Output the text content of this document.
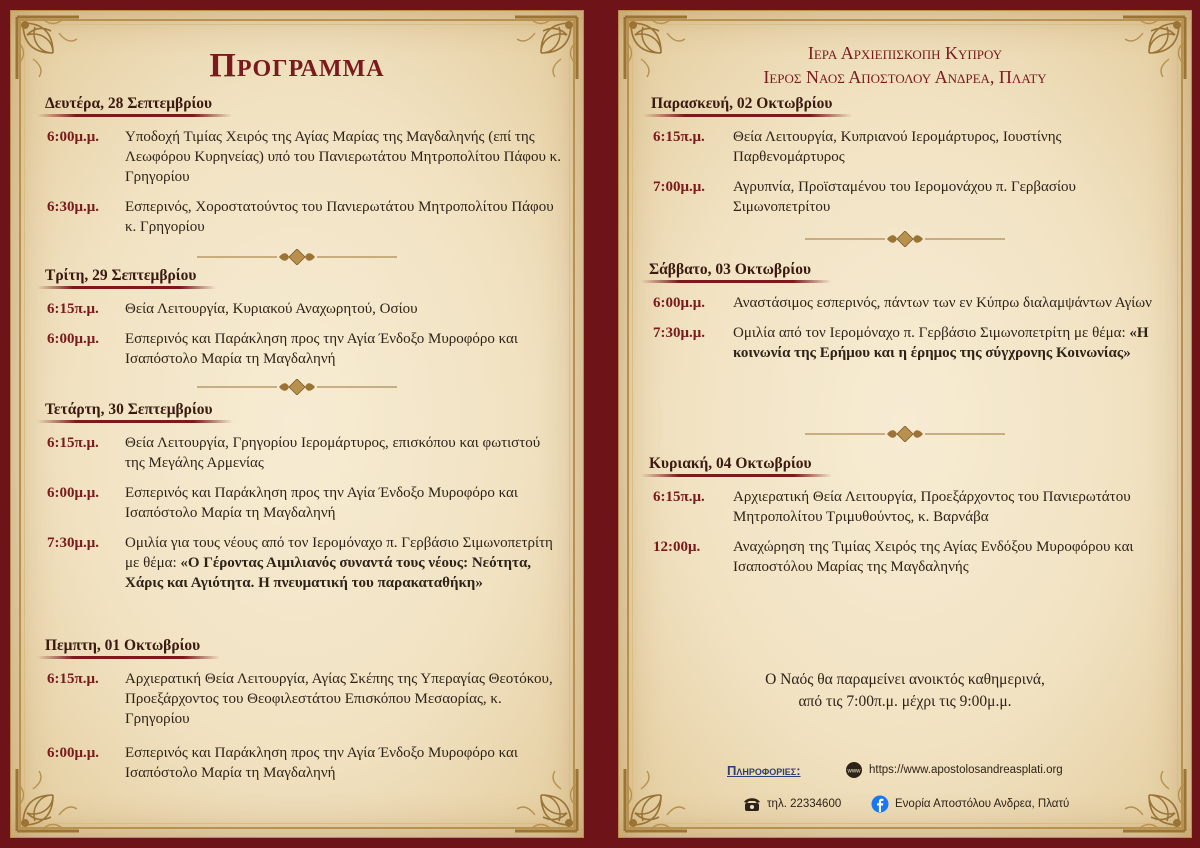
Προγραμμα
Δευτέρα, 28 Σεπτεμβρίου
6:00μ.μ.	Υποδοχή Τιμίας Χειρός της Αγίας Μαρίας της Μαγδαληνής (επί της Λεωφόρου Κυρηνείας) υπό του Πανιερωτάτου Μητροπολίτου Πάφου κ. Γρηγορίου
6:30μ.μ.	Εσπερινός, Χοροστατούντος του Πανιερωτάτου Μητροπολίτου Πάφου κ. Γρηγορίου
Τρίτη, 29 Σεπτεμβρίου
6:15π.μ.	Θεία Λειτουργία, Κυριακού Αναχωρητού, Οσίου
6:00μ.μ.	Εσπερινός και Παράκληση προς την Αγία Ένδοξο Μυροφόρο και Ισαπόστολο Μαρία τη Μαγδαληνή
Τετάρτη, 30 Σεπτεμβρίου
6:15π.μ.	Θεία Λειτουργία, Γρηγορίου Ιερομάρτυρος, επισκόπου και φωτιστού της Μεγάλης Αρμενίας
6:00μ.μ.	Εσπερινός και Παράκληση προς την Αγία Ένδοξο Μυροφόρο και Ισαπόστολο Μαρία τη Μαγδαληνή
7:30μ.μ.	Ομιλία για τους νέους από τον Ιερομόναχο π. Γερβάσιο Σιμωνοπετρίτη με θέμα: «Ο Γέροντας Αιμιλιανός συναντά τους νέους: Νεότητα, Χάρις και Αγιότητα. Η πνευματική του παρακαταθήκη»
Πεμπτη, 01 Οκτωβρίου
6:15π.μ.	Αρχιερατική Θεία Λειτουργία, Αγίας Σκέπης της Υπεραγίας Θεοτόκου, Προεξάρχοντος του Θεοφιλεστάτου Επισκόπου Μεσαορίας, κ. Γρηγορίου
6:00μ.μ.	Εσπερινός και Παράκληση προς την Αγία Ένδοξο Μυροφόρο και Ισαπόστολο Μαρία τη Μαγδαληνή
Ιερα Αρχιεπισκοπη Κυπρου
Ιερος Ναος Αποστολου Ανδρεα, Πλατυ
Παρασκευή, 02 Οκτωβρίου
6:15π.μ.	Θεία Λειτουργία, Κυπριανού Ιερομάρτυρος, Ιουστίνης Παρθενομάρτυρος
7:00μ.μ.	Αγρυπνία, Προϊσταμένου του Ιερομονάχου π. Γερβασίου Σιμωνοπετρίτου
Σάββατο, 03 Οκτωβρίου
6:00μ.μ.	Αναστάσιμος εσπερινός, πάντων των εν Κύπρω διαλαμψάντων Αγίων
7:30μ.μ.	Ομιλία από τον Ιερομόναχο π. Γερβάσιο Σιμωνοπετρίτη με θέμα: «Η κοινωνία της Ερήμου και η έρημος της σύγχρονης Κοινωνίας»
Κυριακή, 04 Οκτωβρίου
6:15π.μ.	Αρχιερατική Θεία Λειτουργία, Προεξάρχοντος του Πανιερωτάτου Μητροπολίτου Τριμυθούντος, κ. Βαρνάβα
12:00μ.	Αναχώρηση της Τιμίας Χειρός της Αγίας Ενδόξου Μυροφόρου και Ισαποστόλου Μαρίας της Μαγδαληνής
Ο Ναός θα παραμείνει ανοικτός καθημερινά,
από τις 7:00π.μ. μέχρι τις 9:00μ.μ.
Πληροφοριες:	www https://www.apostolosandreasplati.org
τηλ. 22334600	Ενορία Αποστόλου Ανδρεα, Πλατύ
